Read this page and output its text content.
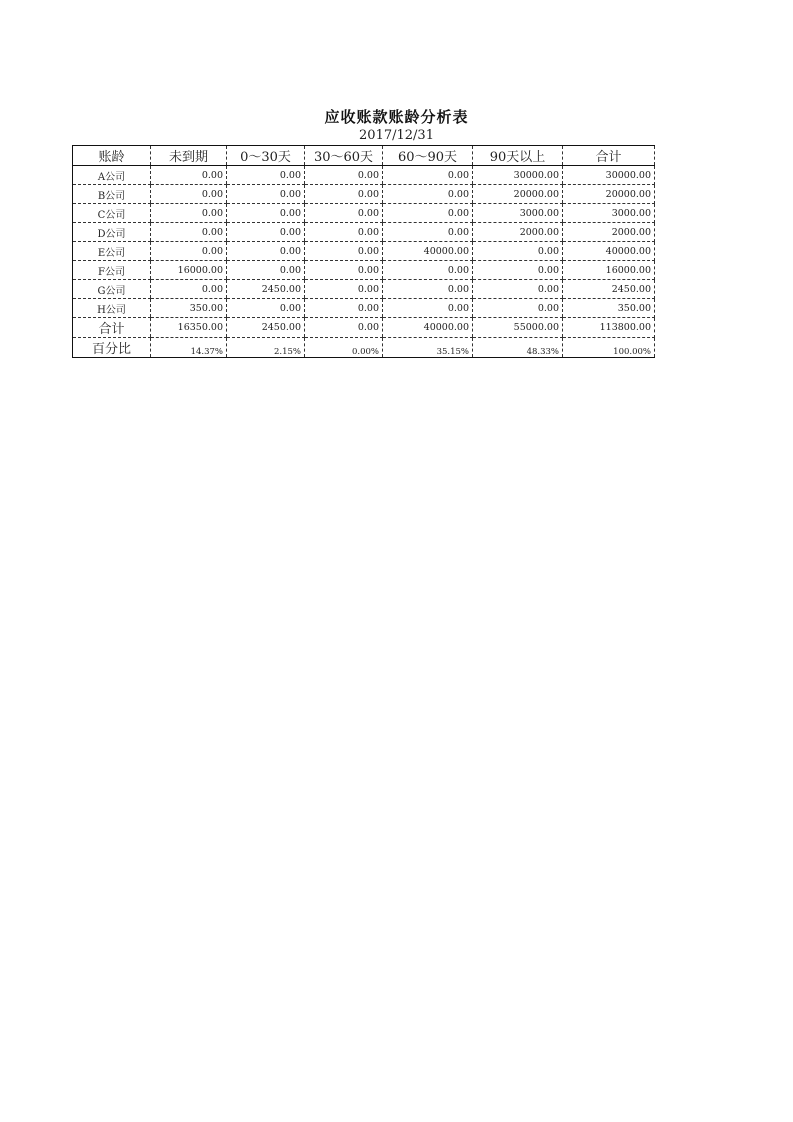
应收账款账龄分析表
2017/12/31
账龄	未到期	0～30天	30～60天	60～90天	90天以上	合计
A公司	0.00	0.00	0.00	0.00	30000.00	30000.00
B公司	0.00	0.00	0.00	0.00	20000.00	20000.00
C公司	0.00	0.00	0.00	0.00	3000.00	3000.00
D公司	0.00	0.00	0.00	0.00	2000.00	2000.00
E公司	0.00	0.00	0.00	40000.00	0.00	40000.00
F公司	16000.00	0.00	0.00	0.00	0.00	16000.00
G公司	0.00	2450.00	0.00	0.00	0.00	2450.00
H公司	350.00	0.00	0.00	0.00	0.00	350.00
合计	16350.00	2450.00	0.00	40000.00	55000.00	113800.00
百分比	14.37%	2.15%	0.00%	35.15%	48.33%	100.00%
